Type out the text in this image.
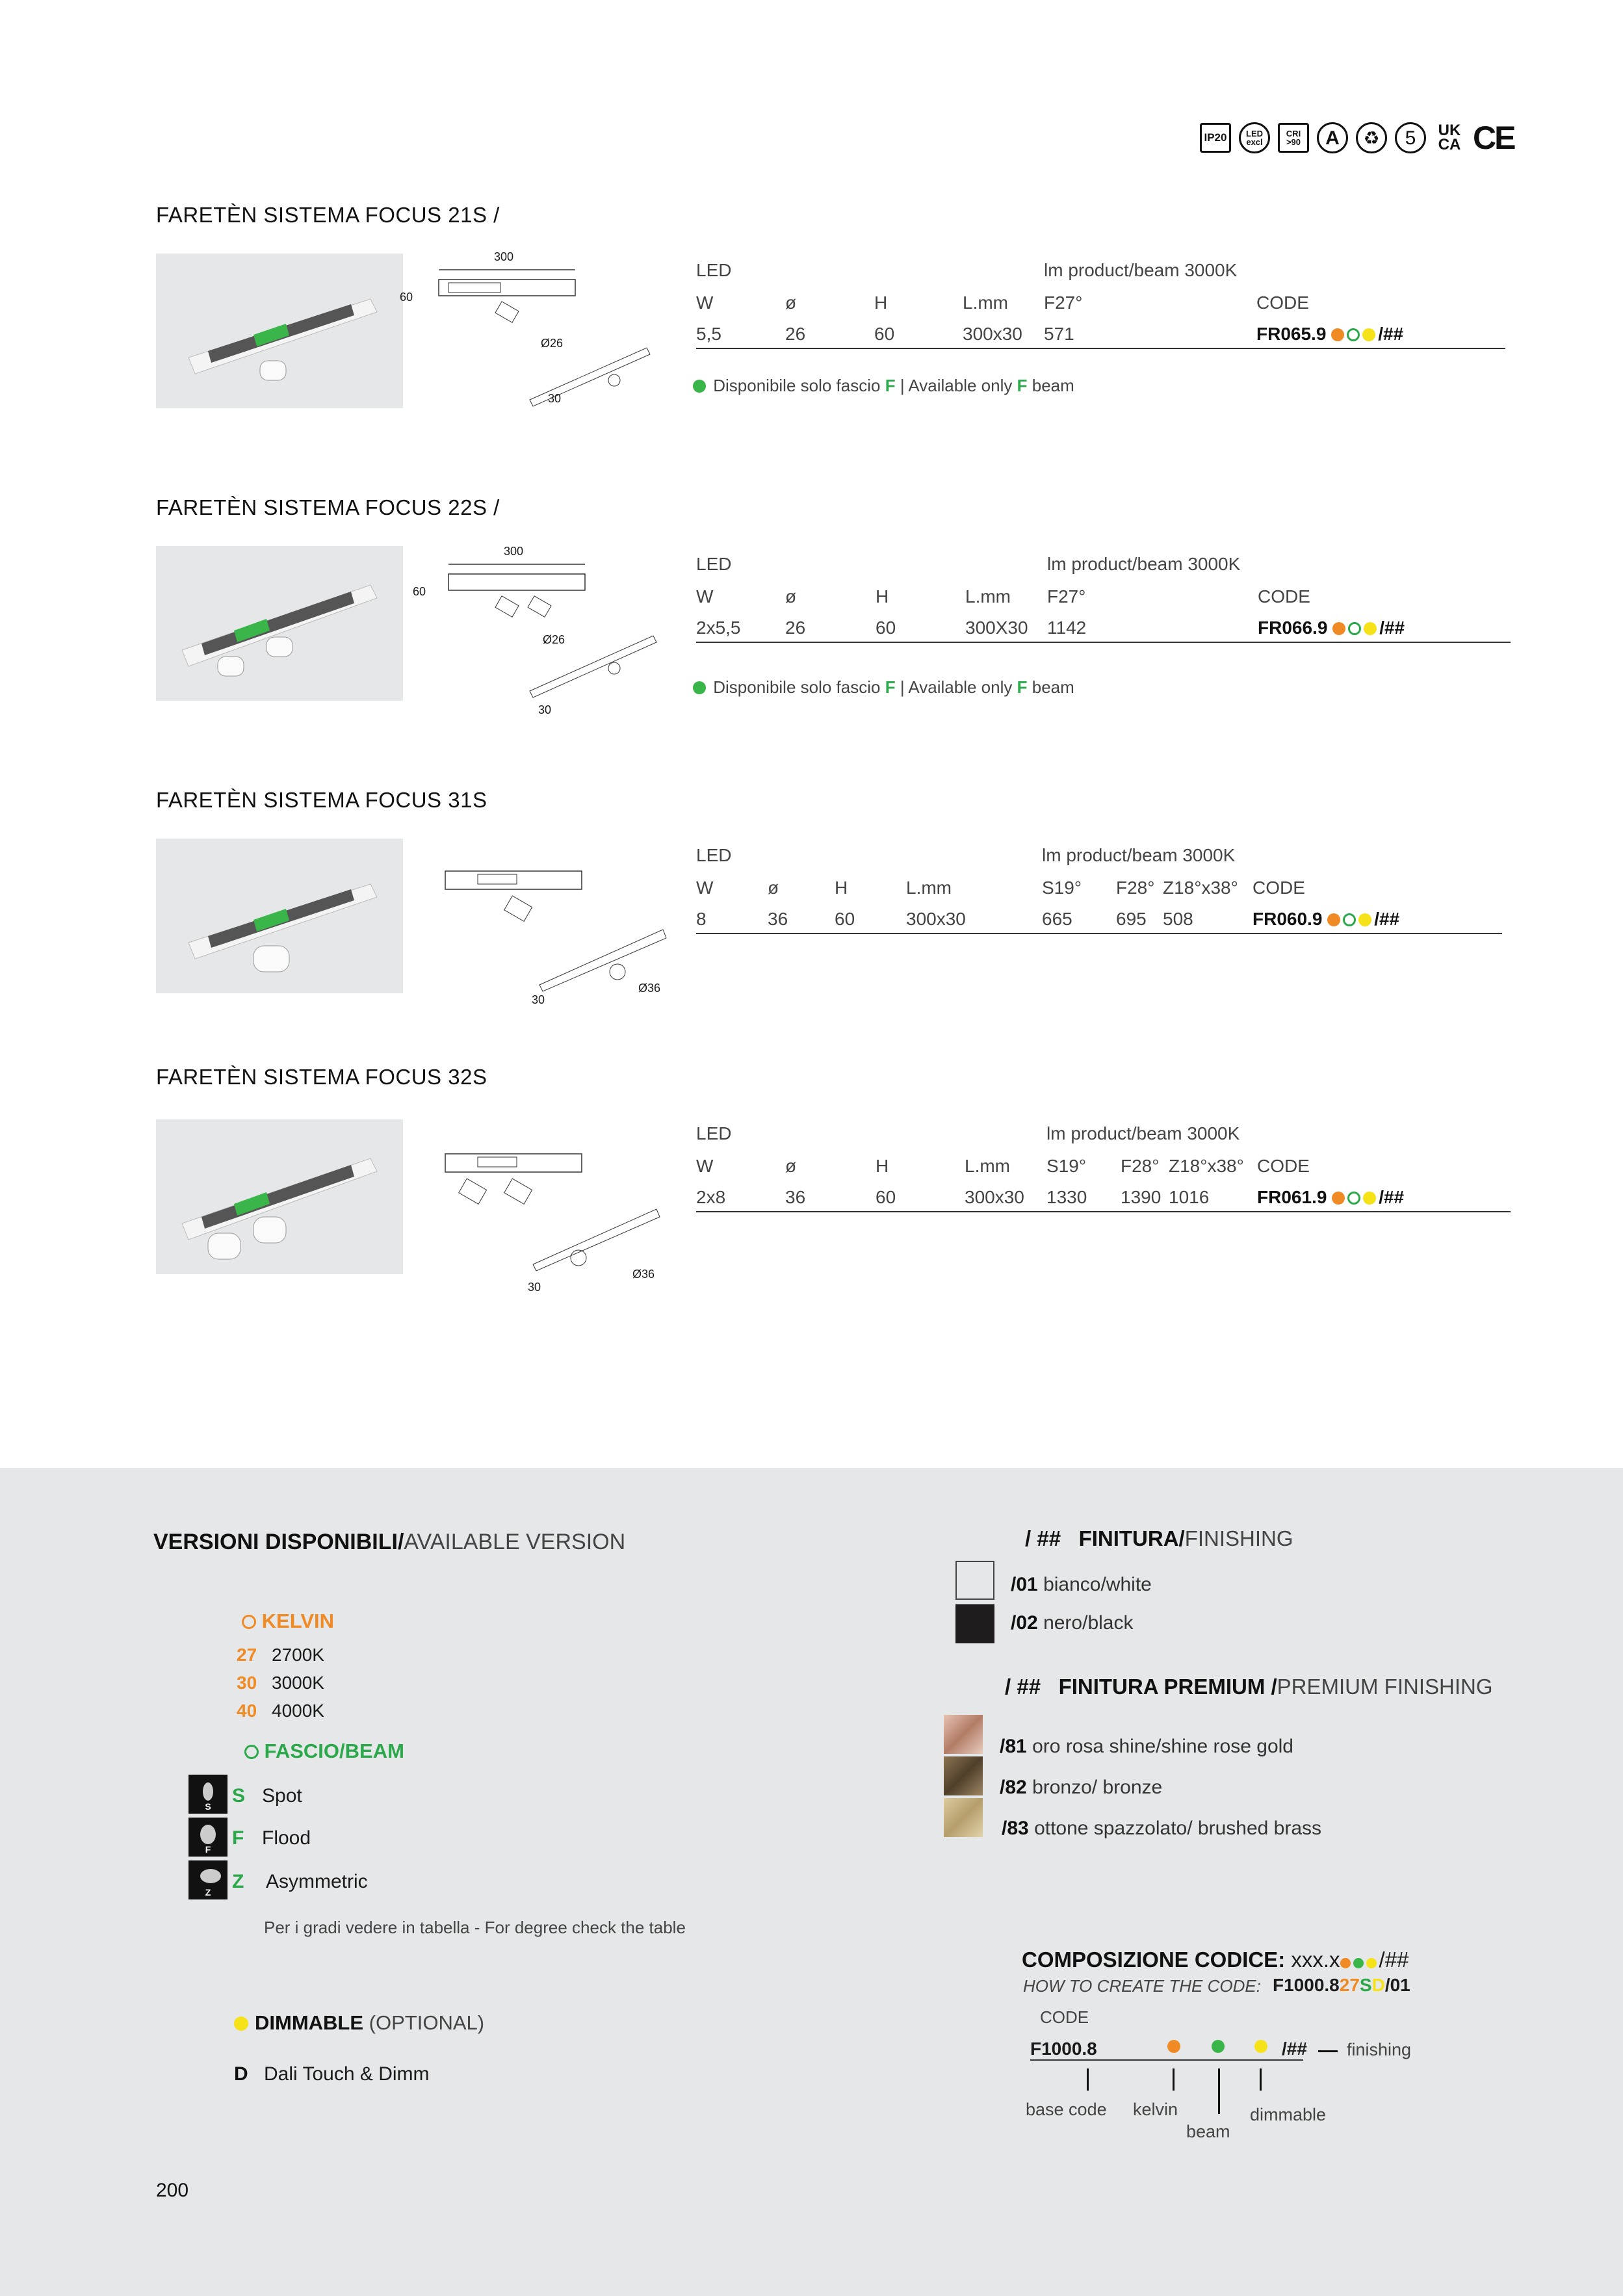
IP20	LED
excl
CRI
>90	A	♻	5	UK
CA CE
FARETÈN SISTEMA FOCUS 21S /
300
60
Ø26
30
LED	lm product/beam 3000K
W	ø	H	L.mm F27°	CODE
5,5	26	60	300x30 571	FR065.9	/##
Disponibile solo fascio F | Available only F beam
FARETÈN SISTEMA FOCUS 22S /
300
60
Ø26
30
LED	lm product/beam 3000K
W	ø	H	L.mm F27°	CODE
2x5,5 26	60	300X30 1142	FR066.9	/##
Disponibile solo fascio F | Available only F beam
FARETÈN SISTEMA FOCUS 31S
30
Ø36
LED	lm product/beam 3000K
W	ø	H	L.mm	S19° F28° Z18°x38° CODE
8	36	60	300x30	665 695 508	FR060.9	/##
FARETÈN SISTEMA FOCUS 32S
30
Ø36
LED	lm product/beam 3000K
W	ø	H	L.mm S19° F28° Z18°x38° CODE
2x8	36	60	300x30 1330 1390 1016	FR061.9	/##
VERSIONI DISPONIBILI/AVAILABLE VERSION
KELVIN
27 2700K
30 3000K
40 4000K
FASCIO/BEAM
S S Spot
F
F Flood
Z Z Asymmetric
Per i gradi vedere in tabella - For degree check the table
DIMMABLE (OPTIONAL)
D Dali Touch & Dimm
/ ## FINITURA/FINISHING
/01 bianco/white
/02 nero/black
/ ## FINITURA PREMIUM /PREMIUM FINISHING
/81 oro rosa shine/shine rose gold
/82 bronzo/ bronze
/83 ottone spazzolato/ brushed brass
COMPOSIZIONE CODICE: xxx.x /##
HOW TO CREATE THE CODE: F1000.827SD/01
CODE
F1000.8	/## finishing
base code kelvin
beam
dimmable
200
